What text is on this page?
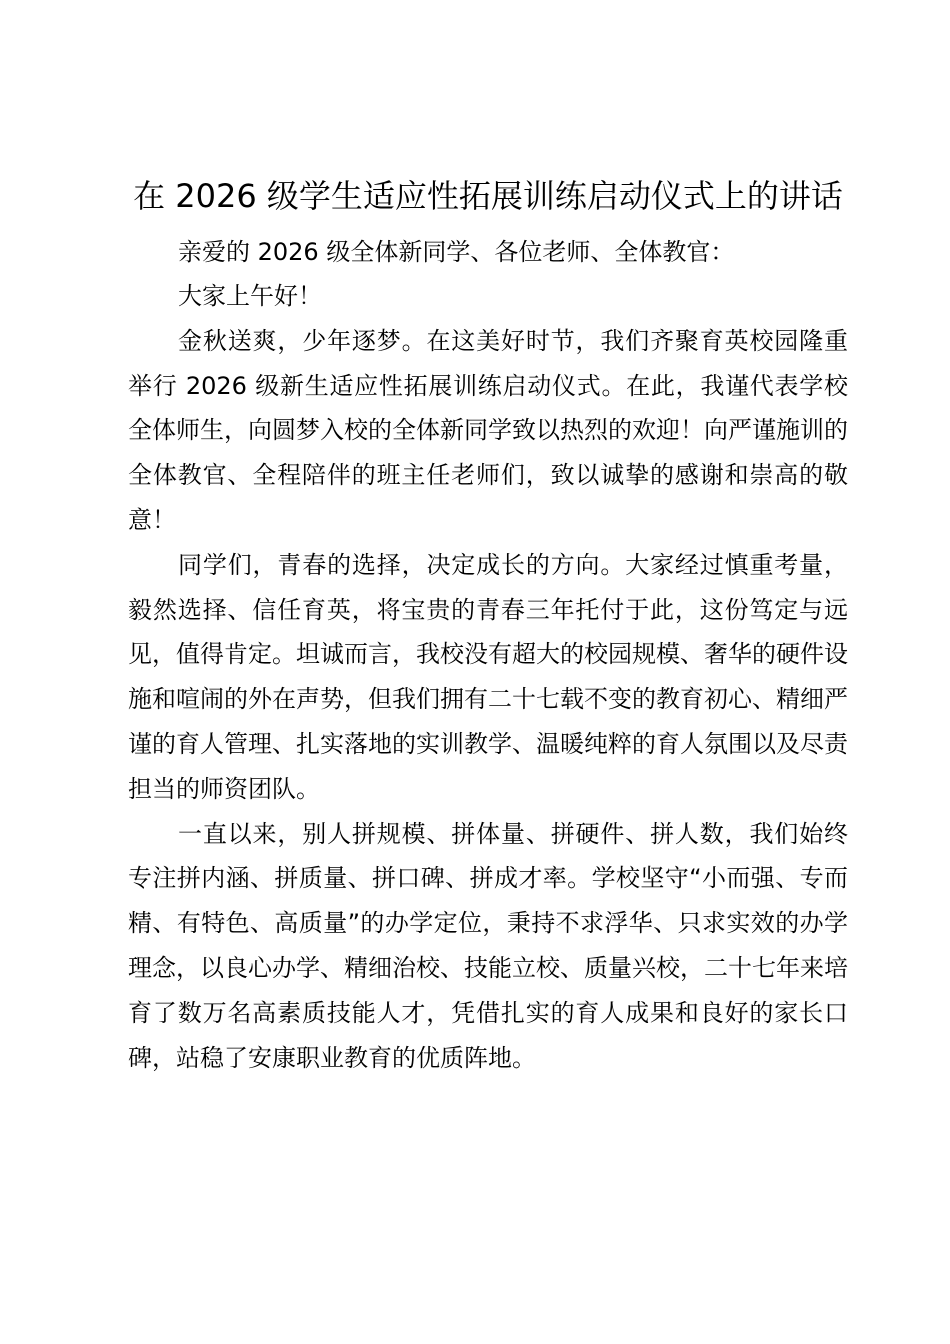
在 2026 级学生适应性拓展训练启动仪式上的讲话

亲爱的 2026 级全体新同学、各位老师、全体教官：

大家上午好！

金秋送爽，少年逐梦。在这美好时节，我们齐聚育英校园隆重举行 2026 级新生适应性拓展训练启动仪式。在此，我谨代表学校全体师生，向圆梦入校的全体新同学致以热烈的欢迎！向严谨施训的全体教官、全程陪伴的班主任老师们，致以诚挚的感谢和崇高的敬意！

同学们，青春的选择，决定成长的方向。大家经过慎重考量，毅然选择、信任育英，将宝贵的青春三年托付于此，这份笃定与远见，值得肯定。坦诚而言，我校没有超大的校园规模、奢华的硬件设施和喧闹的外在声势，但我们拥有二十七载不变的教育初心、精细严谨的育人管理、扎实落地的实训教学、温暖纯粹的育人氛围以及尽责担当的师资团队。

一直以来，别人拼规模、拼体量、拼硬件、拼人数，我们始终专注拼内涵、拼质量、拼口碑、拼成才率。学校坚守“小而强、专而精、有特色、高质量”的办学定位，秉持不求浮华、只求实效的办学理念，以良心办学、精细治校、技能立校、质量兴校，二十七年来培育了数万名高素质技能人才，凭借扎实的育人成果和良好的家长口碑，站稳了安康职业教育的优质阵地。
